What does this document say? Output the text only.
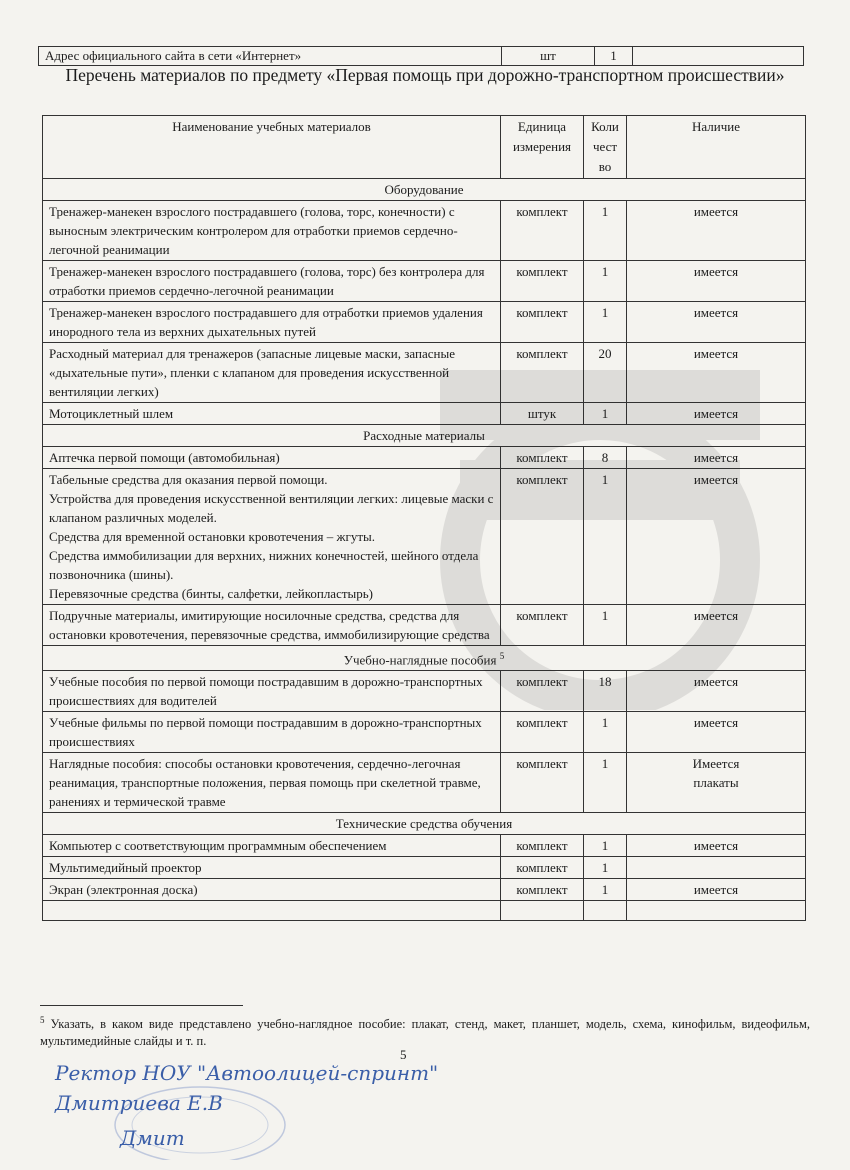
Адрес официального сайта в сети «Интернет»	шт	1	
Перечень материалов по предмету «Первая помощь при дорожно-транспортном происшествии»
Наименование учебных материалов	Единица измерения	Коли чест во	Наличие
Оборудование			
Тренажер-манекен взрослого пострадавшего (голова, торс, конечности) с выносным электрическим контролером для отработки приемов сердечно-легочной реанимации	комплект	1	имеется
Тренажер-манекен взрослого пострадавшего (голова, торс) без контролера для отработки приемов сердечно-легочной реанимации	комплект	1	имеется
Тренажер-манекен взрослого пострадавшего для отработки приемов удаления инородного тела из верхних дыхательных путей	комплект	1	имеется
Расходный материал для тренажеров (запасные лицевые маски, запасные «дыхательные пути», пленки с клапаном для проведения искусственной вентиляции легких)	комплект	20	имеется
Мотоциклетный шлем	штук	1	имеется
Расходные материалы			
Аптечка первой помощи (автомобильная)	комплект	8	имеется
Табельные средства для оказания первой помощи.
Устройства для проведения искусственной вентиляции легких: лицевые маски с клапаном различных моделей.
Средства для временной остановки кровотечения – жгуты.
Средства иммобилизации для верхних, нижних конечностей, шейного отдела позвоночника (шины).
Перевязочные средства (бинты, салфетки, лейкопластырь)	комплект	1	имеется
Подручные материалы, имитирующие носилочные средства, средства для остановки кровотечения, перевязочные средства, иммобилизирующие средства	комплект	1	имеется
Учебно-наглядные пособия $^5$
Учебные пособия по первой помощи пострадавшим в дорожно-транспортных происшествиях для водителей	комплект	18	имеется
Учебные фильмы по первой помощи пострадавшим в дорожно-транспортных происшествиях	комплект	1	имеется
Наглядные пособия: способы остановки кровотечения, сердечно-легочная реанимация, транспортные положения, первая помощь при скелетной травме, ранениях и термической травме	комплект	1	Имеется
плакаты
Технические средства обучения			
Компьютер с соответствующим программным обеспечением	комплект	1	имеется
Мультимедийный проектор	комплект	1	
Экран (электронная доска)	комплект	1	имеется

$^5$ Указать, в каком виде представлено учебно-наглядное пособие: плакат, стенд, макет, планшет, модель, схема, кинофильм, видеофильм, мультимедийные слайды и т. п.
5
Ректор НОУ "Автоолицей-спринт"
Дмитриева Е.В
Дмит
